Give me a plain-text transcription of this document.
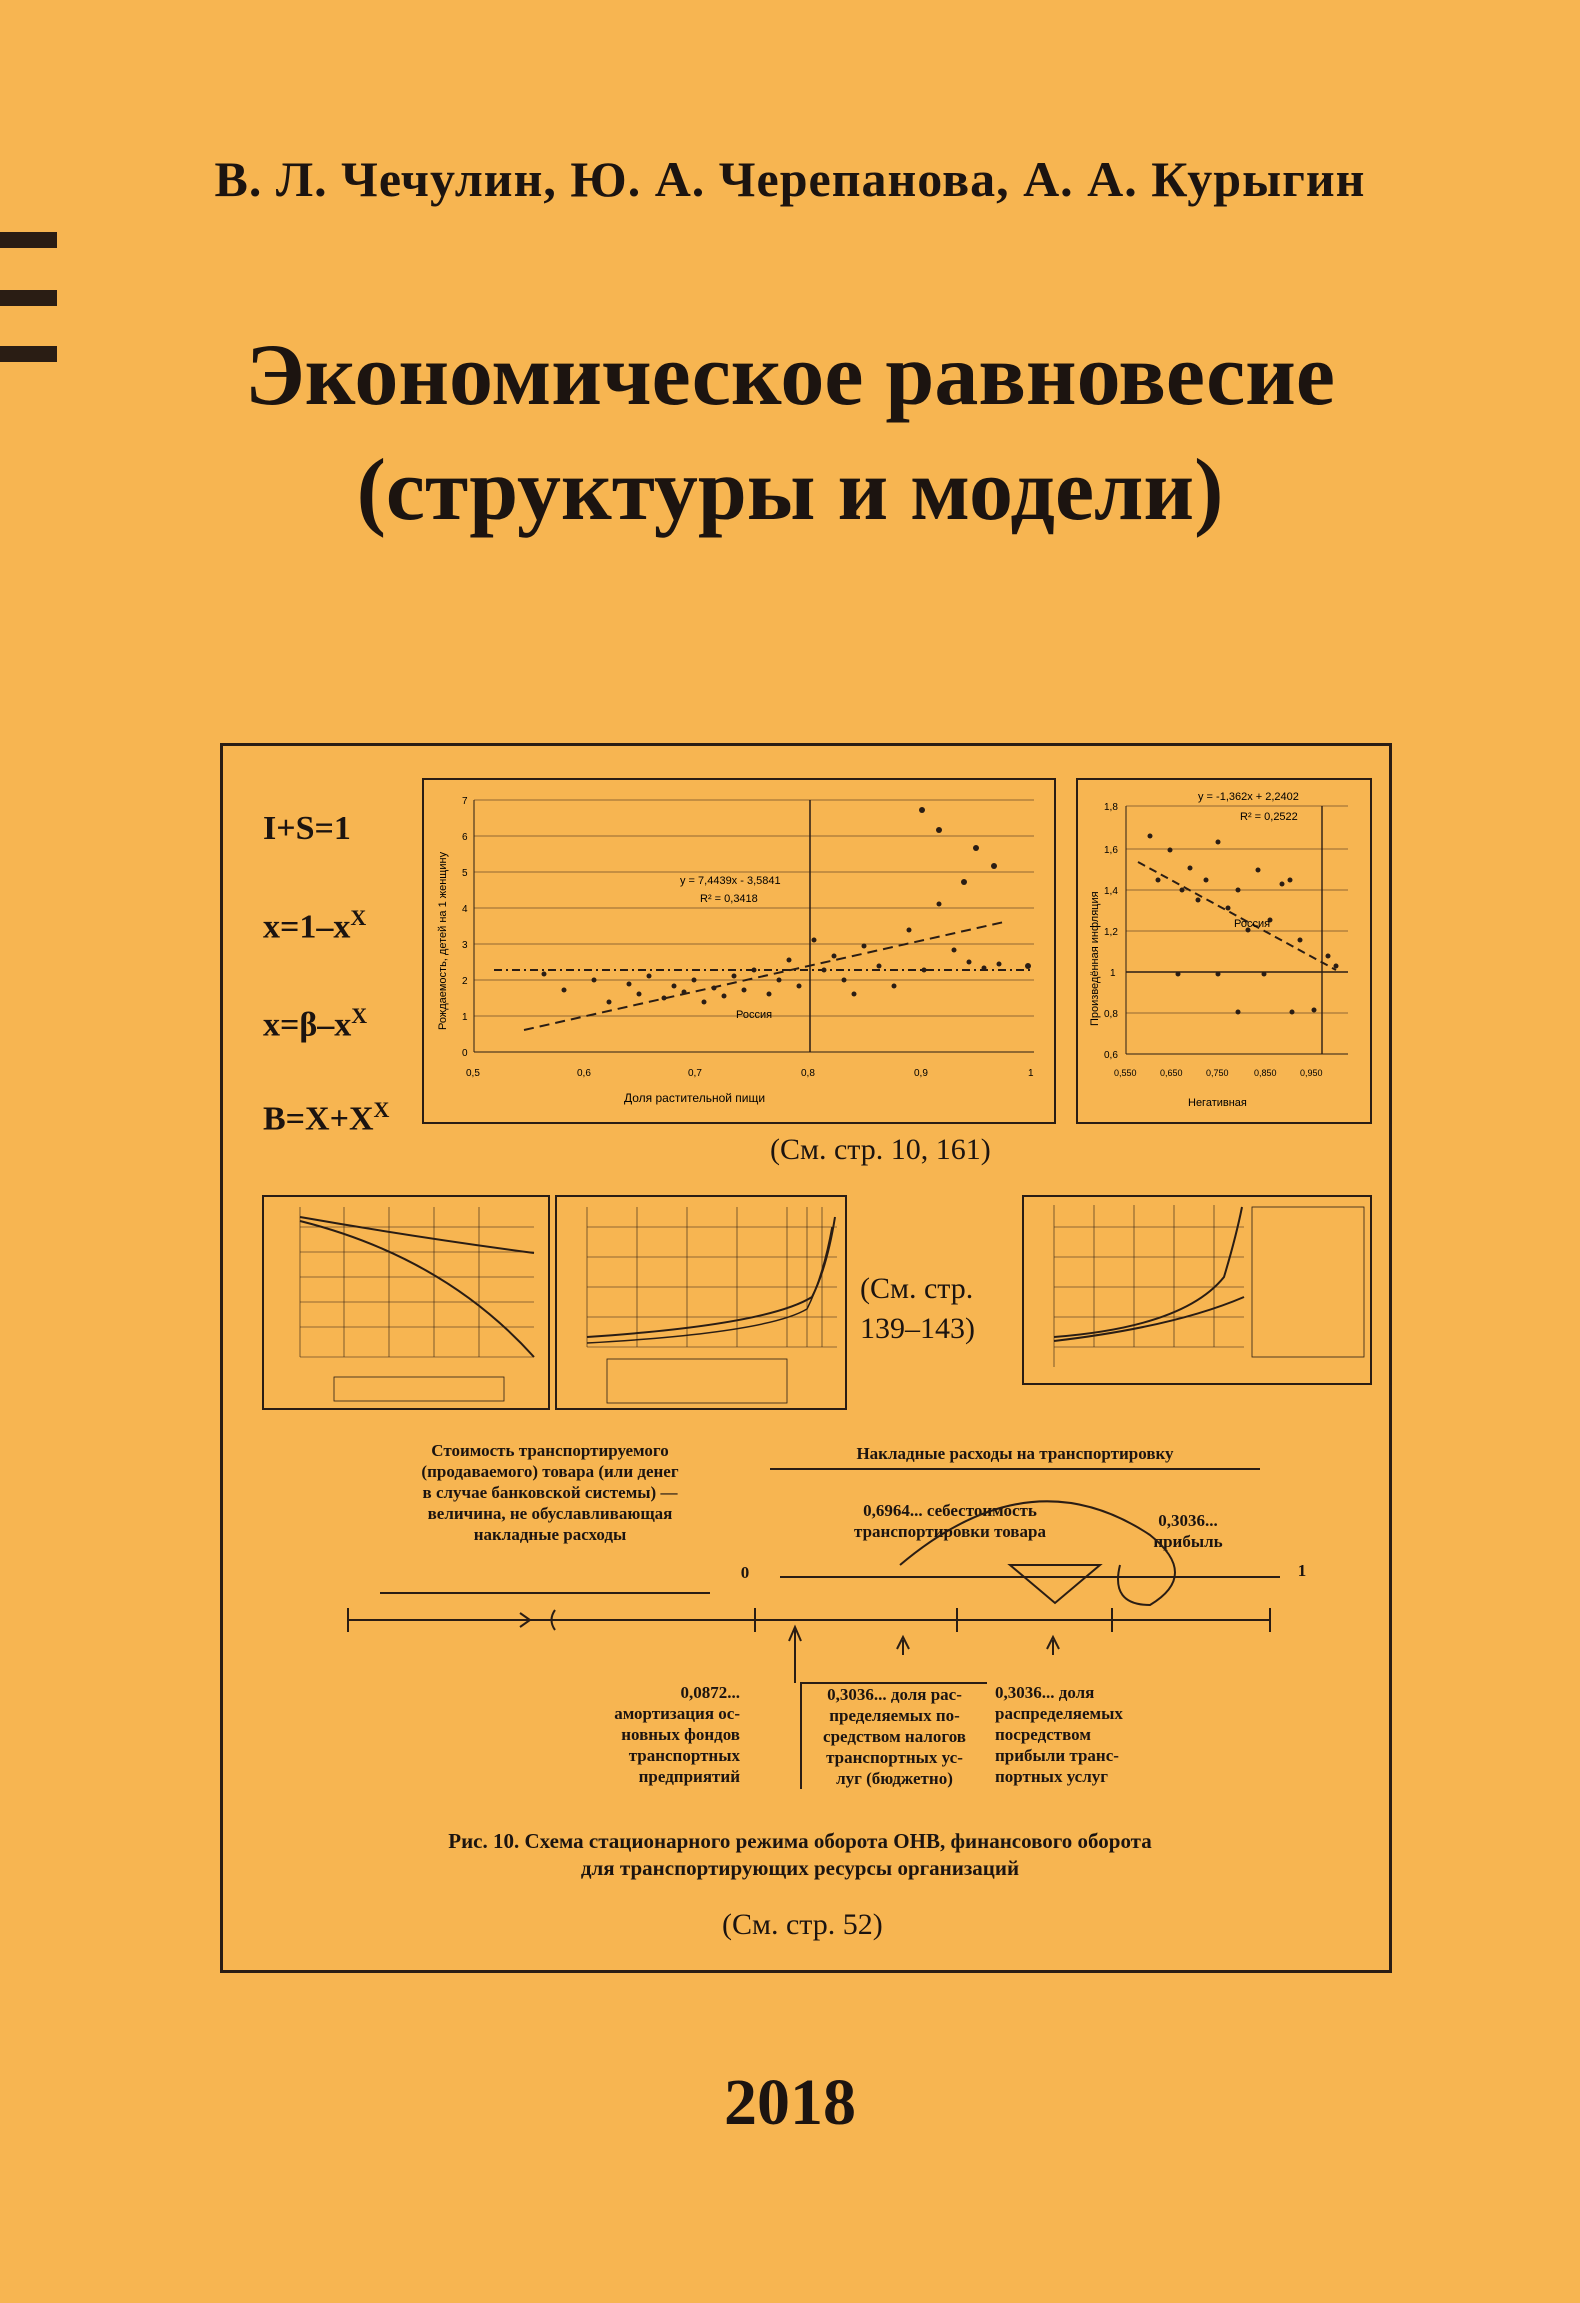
В. Л. Чечулин, Ю. А. Черепанова, А. А. Курыгин
Экономическое равновесие
(структуры и модели)
I+S=1
$x=1-x^X$
$x=\beta-x^X$
$B=X+X^X$
y = 7,4439x - 3,5841
R² = 0,3418
Россия
Доля растительной пищи
Рождаемость, детей на 1 женщину
0
1
2
3
4
5
6
7
0,5	0,6	0,7	0,8	0,9	1
y = -1,362x + 2,2402
R² = 0,2522
Россия
Негативная
Произведённая инфляция
0,6
0,8
1
1,2
1,4
1,6
1,8
0,550	0,650	0,750	0,850	0,950
(См. стр. 10, 161)
(См. стр.
139–143)
Стоимость транспортируемого
(продаваемого) товара (или денег
в случае банковской системы) —
величина, не обуславливающая
накладные расходы
Накладные расходы на транспортировку
0,6964... себестоимость
транспортировки товара
0,3036...
прибыль
0	1
0,0872...
амортизация ос-
новных фондов
транспортных
предприятий
0,3036... доля рас-
пределяемых по-
средством налогов
транспортных ус-
луг (бюджетно)
0,3036... доля
распределяемых
посредством
прибыли транс-
портных услуг
Рис. 10. Схема стационарного режима оборота ОНВ, финансового оборота
для транспортирующих ресурсы организаций
(См. стр. 52)
2018
